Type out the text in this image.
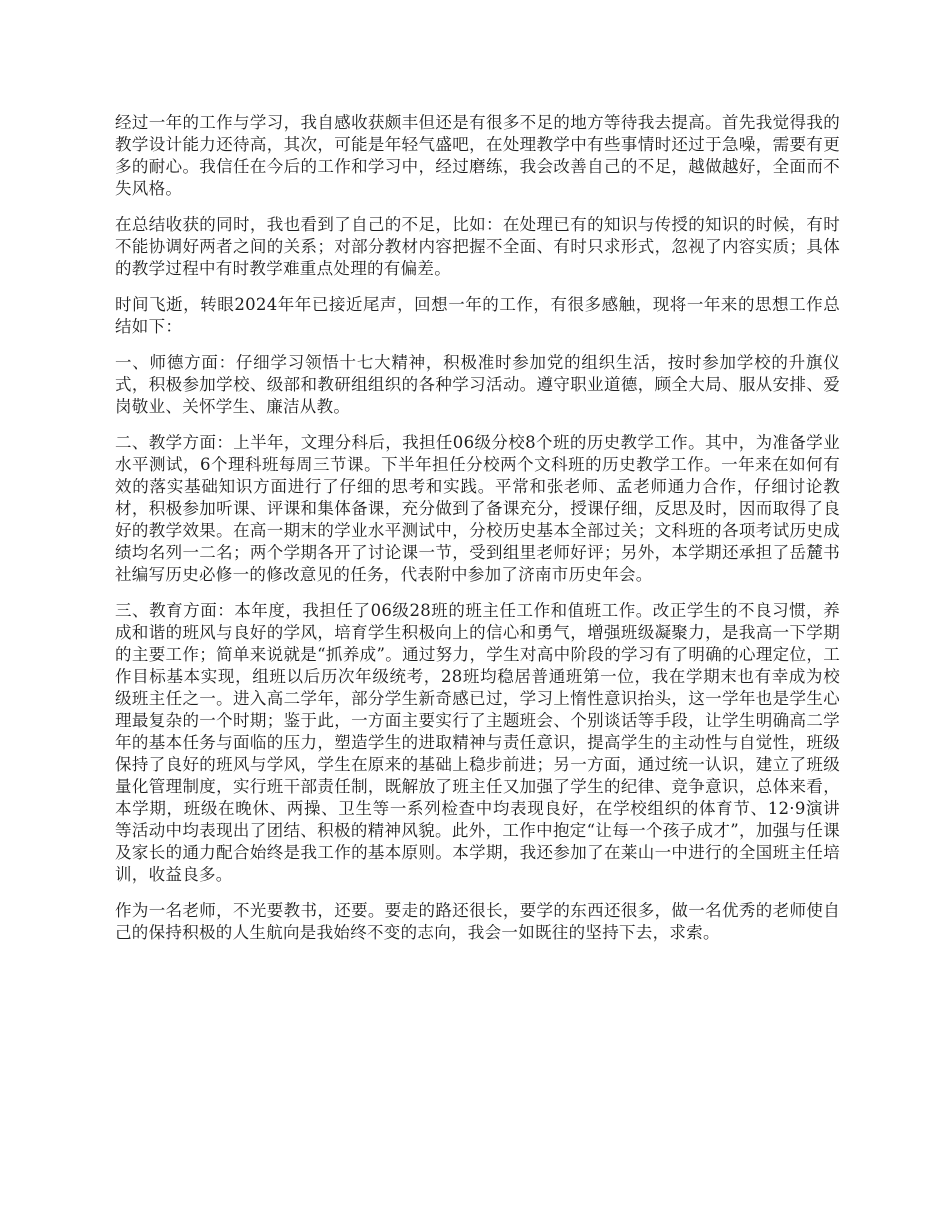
经过一年的工作与学习，我自感收获颇丰但还是有很多不足的地方等待我去提高。首先我觉得我的教学设计能力还待高，其次，可能是年轻气盛吧，在处理教学中有些事情时还过于急噪，需要有更多的耐心。我信任在今后的工作和学习中，经过磨练，我会改善自己的不足，越做越好，全面而不失风格。

在总结收获的同时，我也看到了自己的不足，比如：在处理已有的知识与传授的知识的时候，有时不能协调好两者之间的关系；对部分教材内容把握不全面、有时只求形式，忽视了内容实质；具体的教学过程中有时教学难重点处理的有偏差。

时间飞逝，转眼2024年年已接近尾声，回想一年的工作，有很多感触，现将一年来的思想工作总结如下：

一、师德方面：仔细学习领悟十七大精神，积极准时参加党的组织生活，按时参加学校的升旗仪式，积极参加学校、级部和教研组组织的各种学习活动。遵守职业道德，顾全大局、服从安排、爱岗敬业、关怀学生、廉洁从教。

二、教学方面：上半年，文理分科后，我担任06级分校8个班的历史教学工作。其中，为准备学业水平测试，6个理科班每周三节课。下半年担任分校两个文科班的历史教学工作。一年来在如何有效的落实基础知识方面进行了仔细的思考和实践。平常和张老师、孟老师通力合作，仔细讨论教材，积极参加听课、评课和集体备课，充分做到了备课充分，授课仔细，反思及时，因而取得了良好的教学效果。在高一期末的学业水平测试中，分校历史基本全部过关；文科班的各项考试历史成绩均名列一二名；两个学期各开了讨论课一节，受到组里老师好评；另外，本学期还承担了岳麓书社编写历史必修一的修改意见的任务，代表附中参加了济南市历史年会。

三、教育方面：本年度，我担任了06级28班的班主任工作和值班工作。改正学生的不良习惯，养成和谐的班风与良好的学风，培育学生积极向上的信心和勇气，增强班级凝聚力，是我高一下学期的主要工作；简单来说就是“抓养成”。通过努力，学生对高中阶段的学习有了明确的心理定位，工作目标基本实现，组班以后历次年级统考，28班均稳居普通班第一位，我在学期末也有幸成为校级班主任之一。进入高二学年，部分学生新奇感已过，学习上惰性意识抬头，这一学年也是学生心理最复杂的一个时期；鉴于此，一方面主要实行了主题班会、个别谈话等手段，让学生明确高二学年的基本任务与面临的压力，塑造学生的进取精神与责任意识，提高学生的主动性与自觉性，班级保持了良好的班风与学风，学生在原来的基础上稳步前进；另一方面，通过统一认识，建立了班级量化管理制度，实行班干部责任制，既解放了班主任又加强了学生的纪律、竞争意识，总体来看，本学期，班级在晚休、两操、卫生等一系列检查中均表现良好，在学校组织的体育节、12·9演讲等活动中均表现出了团结、积极的精神风貌。此外，工作中抱定“让每一个孩子成才”，加强与任课及家长的通力配合始终是我工作的基本原则。本学期，我还参加了在莱山一中进行的全国班主任培训，收益良多。

作为一名老师，不光要教书，还要。要走的路还很长，要学的东西还很多，做一名优秀的老师使自己的保持积极的人生航向是我始终不变的志向，我会一如既往的坚持下去，求索。
